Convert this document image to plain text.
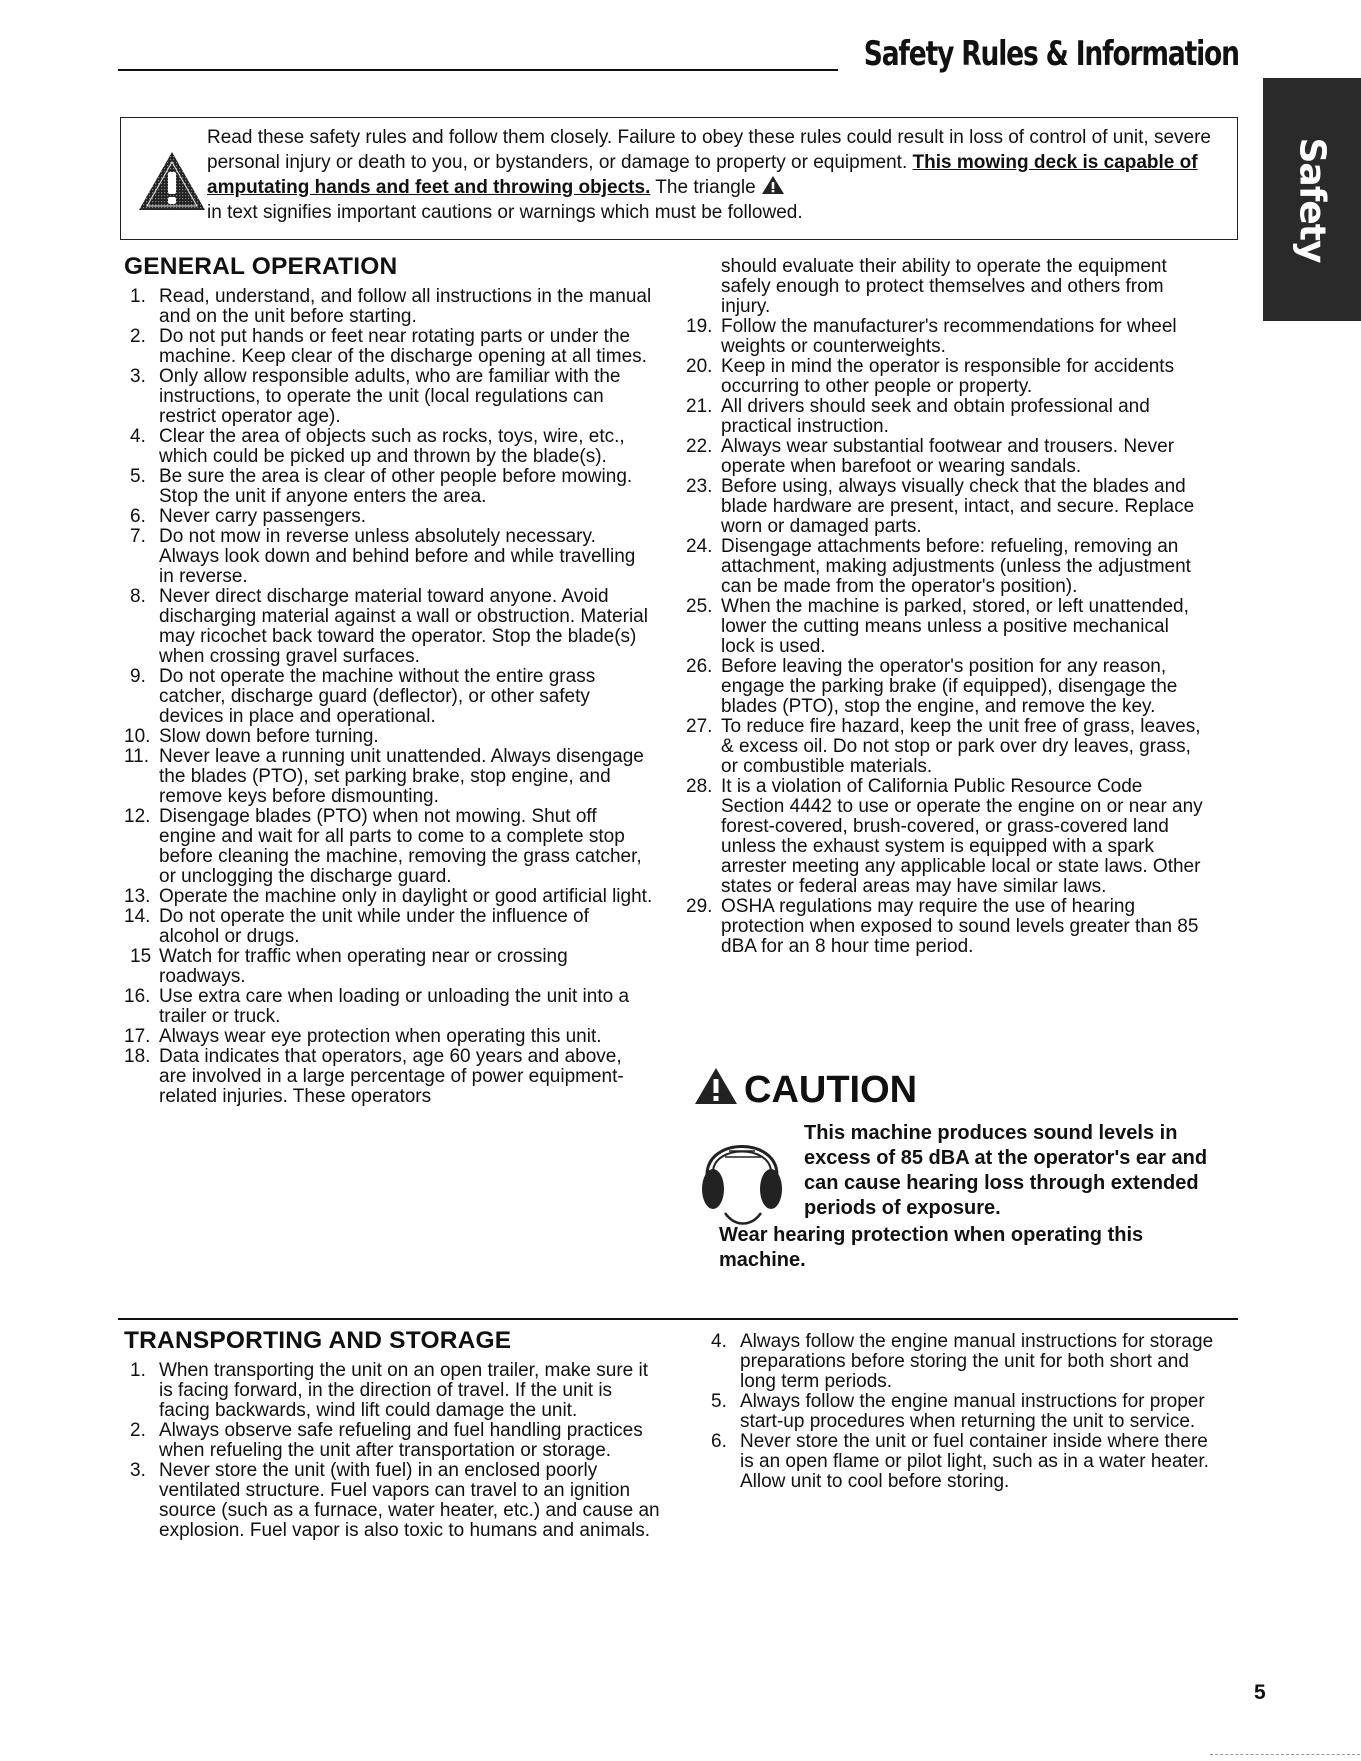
Safety Rules & Information
Safety

Read these safety rules and follow them closely. Failure to obey these rules could result in loss of control of unit, severe personal injury or death to you, or bystanders, or damage to property or equipment. This mowing deck is capable of amputating hands and feet and throwing objects. The triangle
in text signifies important cautions or warnings which must be followed.

GENERAL OPERATION
1. Read, understand, and follow all instructions in the manual and on the unit before starting.
2. Do not put hands or feet near rotating parts or under the machine. Keep clear of the discharge opening at all times.
3. Only allow responsible adults, who are familiar with the instructions, to operate the unit (local regulations can restrict operator age).
4. Clear the area of objects such as rocks, toys, wire, etc., which could be picked up and thrown by the blade(s).
5. Be sure the area is clear of other people before mowing. Stop the unit if anyone enters the area.
6. Never carry passengers.
7. Do not mow in reverse unless absolutely necessary. Always look down and behind before and while travelling in reverse.
8. Never direct discharge material toward anyone. Avoid discharging material against a wall or obstruction. Material may ricochet back toward the operator. Stop the blade(s) when crossing gravel surfaces.
9. Do not operate the machine without the entire grass catcher, discharge guard (deflector), or other safety devices in place and operational.
10. Slow down before turning.
11. Never leave a running unit unattended. Always disengage the blades (PTO), set parking brake, stop engine, and remove keys before dismounting.
12. Disengage blades (PTO) when not mowing. Shut off engine and wait for all parts to come to a complete stop before cleaning the machine, removing the grass catcher, or unclogging the discharge guard.
13. Operate the machine only in daylight or good artificial light.
14. Do not operate the unit while under the influence of alcohol or drugs.
15 Watch for traffic when operating near or crossing roadways.
16. Use extra care when loading or unloading the unit into a trailer or truck.
17. Always wear eye protection when operating this unit.
18. Data indicates that operators, age 60 years and above, are involved in a large percentage of power equipment-related injuries. These operators
should evaluate their ability to operate the equipment safely enough to protect themselves and others from injury.
19. Follow the manufacturer's recommendations for wheel weights or counterweights.
20. Keep in mind the operator is responsible for accidents occurring to other people or property.
21. All drivers should seek and obtain professional and practical instruction.
22. Always wear substantial footwear and trousers. Never operate when barefoot or wearing sandals.
23. Before using, always visually check that the blades and blade hardware are present, intact, and secure. Replace worn or damaged parts.
24. Disengage attachments before: refueling, removing an attachment, making adjustments (unless the adjustment can be made from the operator's position).
25. When the machine is parked, stored, or left unattended, lower the cutting means unless a positive mechanical lock is used.
26. Before leaving the operator's position for any reason, engage the parking brake (if equipped), disengage the blades (PTO), stop the engine, and remove the key.
27. To reduce fire hazard, keep the unit free of grass, leaves, & excess oil. Do not stop or park over dry leaves, grass, or combustible materials.
28. It is a violation of California Public Resource Code Section 4442 to use or operate the engine on or near any forest-covered, brush-covered, or grass-covered land unless the exhaust system is equipped with a spark arrester meeting any applicable local or state laws. Other states or federal areas may have similar laws.
29. OSHA regulations may require the use of hearing protection when exposed to sound levels greater than 85 dBA for an 8 hour time period.
CAUTION
This machine produces sound levels in excess of 85 dBA at the operator's ear and can cause hearing loss through extended periods of exposure.
Wear hearing protection when operating this machine.
TRANSPORTING AND STORAGE
1. When transporting the unit on an open trailer, make sure it is facing forward, in the direction of travel. If the unit is facing backwards, wind lift could damage the unit.
2. Always observe safe refueling and fuel handling practices when refueling the unit after transportation or storage.
3. Never store the unit (with fuel) in an enclosed poorly ventilated structure. Fuel vapors can travel to an ignition source (such as a furnace, water heater, etc.) and cause an explosion. Fuel vapor is also toxic to humans and animals.
4. Always follow the engine manual instructions for storage preparations before storing the unit for both short and long term periods.
5. Always follow the engine manual instructions for proper start-up procedures when returning the unit to service.
6. Never store the unit or fuel container inside where there is an open flame or pilot light, such as in a water heater. Allow unit to cool before storing.
5
